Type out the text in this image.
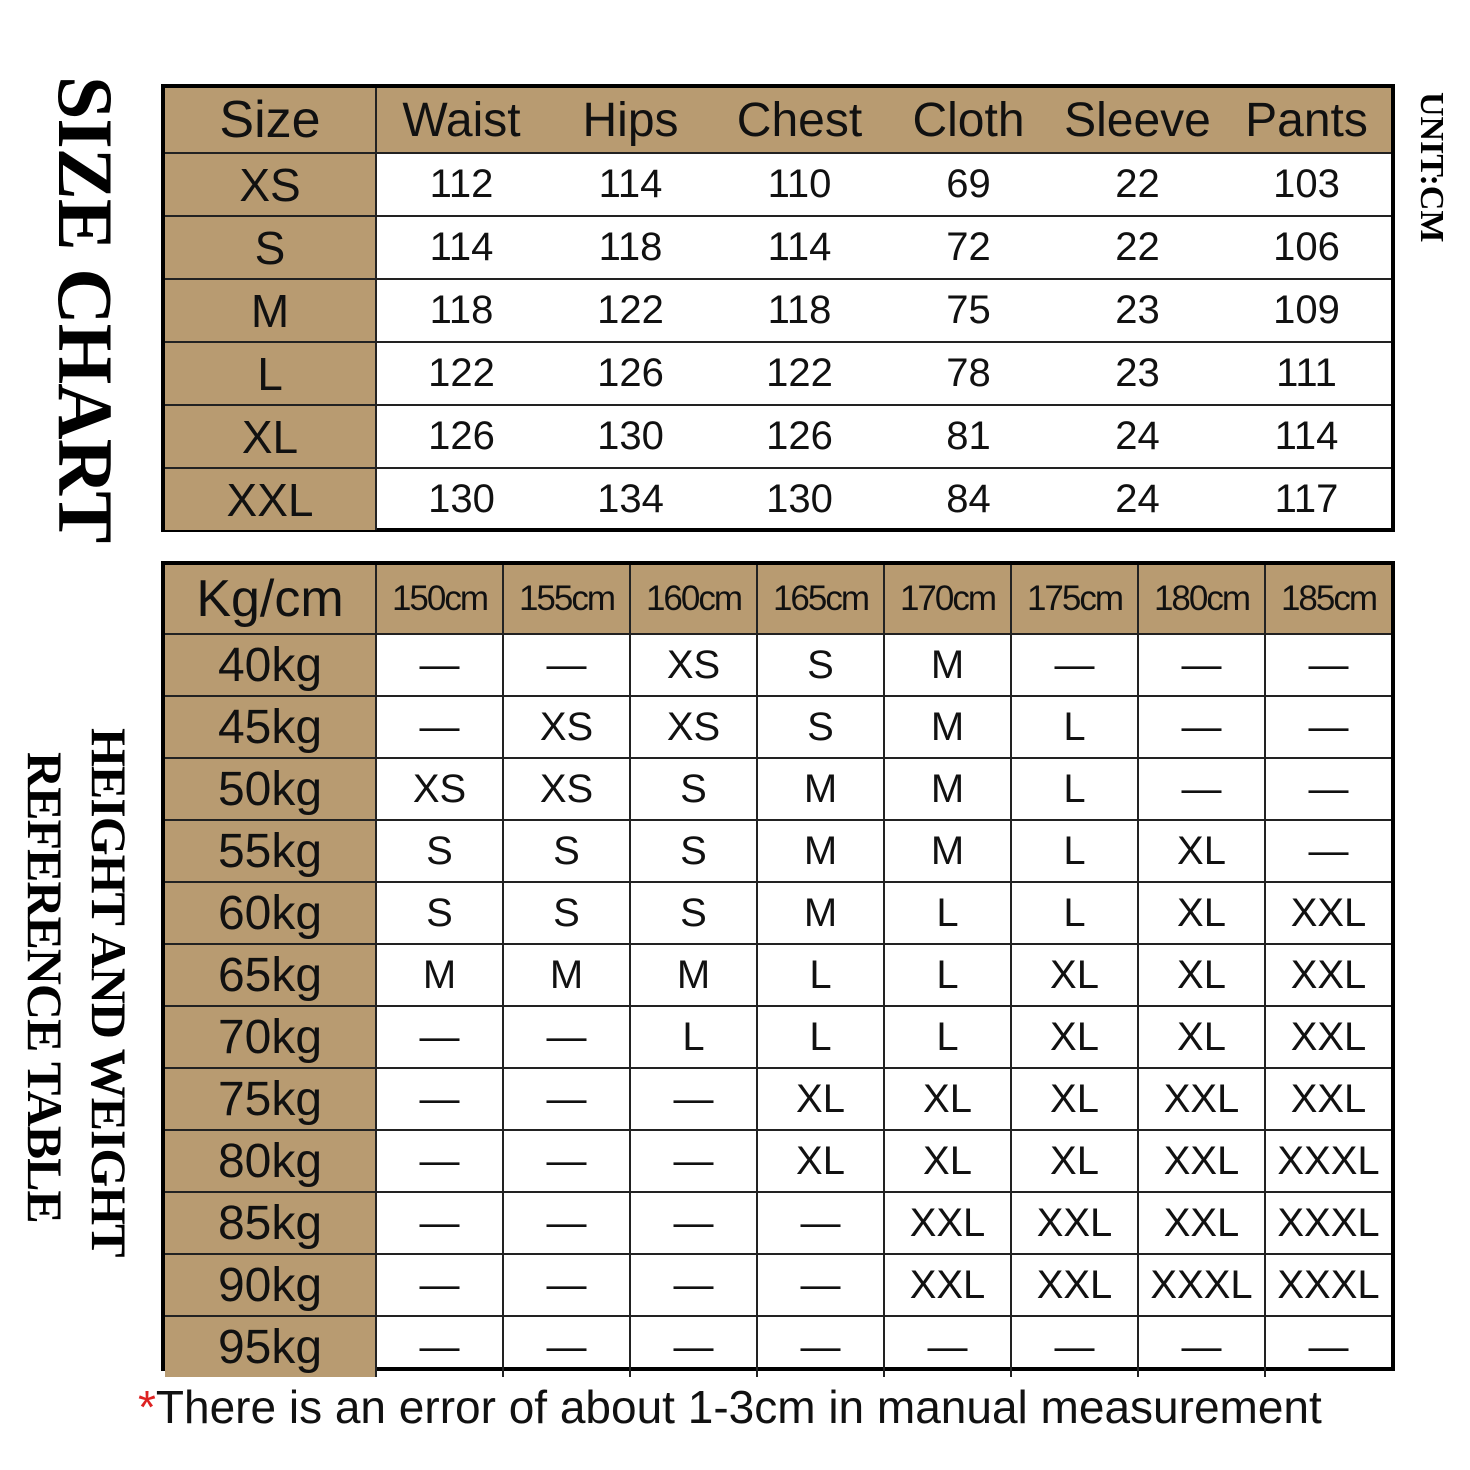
SIZE CHART	UNIT:CM
HEIGHT AND WEIGHT
REFERENCE TABLE
Size	Waist	Hips	Chest	Cloth Sleeve Pants
XS	112	114	110	69	22	103
S	114	118	114	72	22	106
M	118	122	118	75	23	109
L	122	126	122	78	23	111
XL	126	130	126	81	24	114
XXL	130	134	130	84	24	117
Kg/cm	150cm 155cm 160cm 165cm 170cm 175cm 180cm 185cm
40kg	—	—	XS	S	M	—	—	—
45kg	—	XS	XS	S	M	L	—	—
50kg	XS	XS	S	M	M	L	—	—
55kg	S	S	S	M	M	L	XL	—
60kg	S	S	S	M	L	L	XL	XXL
65kg	M	M	M	L	L	XL	XL	XXL
70kg	—	—	L	L	L	XL	XL	XXL
75kg	—	—	—	XL	XL	XL	XXL	XXL
80kg	—	—	—	XL	XL	XL	XXL XXXL
85kg	—	—	—	—	XXL	XXL	XXL XXXL
90kg	—	—	—	—	XXL	XXL XXXL XXXL
95kg	—	—	—	—	—	—	—	—
*There is an error of about 1-3cm in manual measurement
